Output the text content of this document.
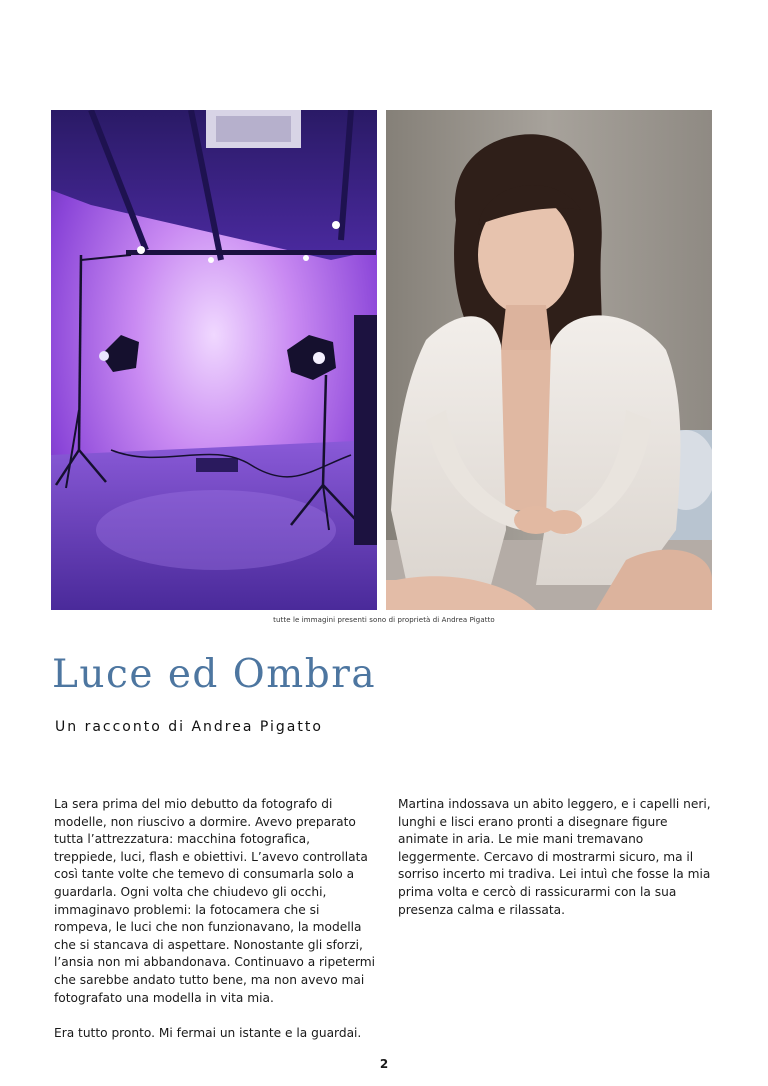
tutte le immagini presenti sono di proprietà di Andrea Pigatto
Luce ed Ombra
Un racconto di Andrea Pigatto

La sera prima del mio debutto da fotografo di modelle, non riuscivo a dormire. Avevo preparato tutta l’attrezzatura: macchina fotografica, treppiede, luci, flash e obiettivi. L’avevo controllata così tante volte che temevo di consumarla solo a guardarla. Ogni volta che chiudevo gli occhi, immaginavo problemi: la fotocamera che si rompeva, le luci che non funzionavano, la modella che si stancava di aspettare. Nonostante gli sforzi, l’ansia non mi abbandonava. Continuavo a ripetermi che sarebbe andato tutto bene, ma non avevo mai fotografato una modella in vita mia.

Era tutto pronto. Mi fermai un istante e la guardai.

Martina indossava un abito leggero, e i capelli neri, lunghi e lisci erano pronti a disegnare figure animate in aria. Le mie mani tremavano leggermente. Cercavo di mostrarmi sicuro, ma il sorriso incerto mi tradiva. Lei intuì che fosse la mia prima volta e cercò di rassicurarmi con la sua presenza calma e rilassata.

2
